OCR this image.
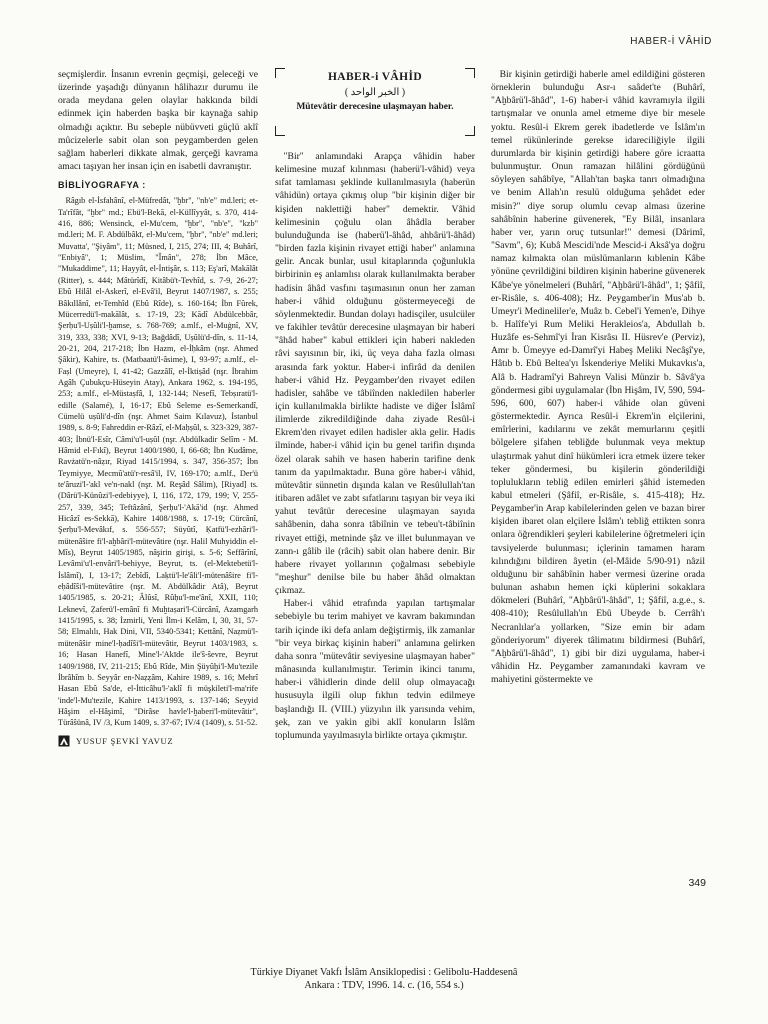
HABER-İ VÂHİD

seçmişlerdir. İnsanın evrenin geçmişi, geleceği ve üzerinde yaşadığı dünyanın hâlihazır durumu ile orada meydana gelen olaylar hakkında bildi edinmek için haberden başka bir kaynağa sahip olmadığı açıktır. Bu sebeple nübüvveti güçlü aklî mûcizelerle sabit olan son peygamberden gelen sağlam haberleri dikkate almak, gerçeği kavrama amacı taşıyan her insan için en isabetli davranıştır.

BİBLİYOGRAFYA :
Râgıb el-İsfahânî, el-Müfredât, "ḫbr", "nb'e" md.leri; et-Ta'rîfât, "ḫbr" md.; Ebü'l-Bekā, el-Küllîyyât, s. 370, 414-416, 886; Wensinck, el-Mu'cem, "ḫbr", "nb'e", "kzb" md.leri; M. F. Abdülbâkī, el-Mu'cem, "ḫbr", "nb'e" md.leri; Muvatta', "Şiyâm", 11; Müsned, I, 215, 274; III, 4; Buhârî, "Enbiyâ", 1; Müslim, "Îmân", 278; İbn Mâce, "Mukaddime", 11; Hayyât, el-İntişâr, s. 113; Eş'arî, Makālât (Ritter), s. 444; Mâtürîdî, Kitâbü't-Tevhîd, s. 7-9, 26-27; Ebû Hilâl el-Askerî, el-Evâ'il, Beyrut 1407/1987, s. 255; Bâkıllânî, et-Temhîd (Ebû Rîde), s. 160-164; İbn Fûrek, Mücerredü'l-makālât, s. 17-19, 23; Kādî Abdülcebbâr, Şerḥu'l-Uṣûli'l-ḫamse, s. 768-769; a.mlf., el-Muġnî, XV, 319, 333, 338; XVI, 9-13; Bağdâdî, Uṣûlü'd-dîn, s. 11-14, 20-21, 204, 217-218; İbn Hazm, el-İḥkâm (nşr. Ahmed Şâkir), Kahire, ts. (Matbaatü'l-âsime), I, 93-97; a.mlf., el-Faṣl (Umeyre), I, 41-42; Gazzâlî, el-İktiṣâd (nşr. İbrahim Agâh Çubukçu-Hüseyin Atay), Ankara 1962, s. 194-195, 253; a.mlf., el-Müstaṣfâ, I, 132-144; Nesefî, Tebṣıratü'l-edille (Salamé), I, 16-17; Ebû Seleme es-Semerkandî, Cümelü uṣûli'd-dîn (nşr. Ahmet Saim Kılavuz), İstanbul 1989, s. 8-9; Fahreddin er-Râzî, el-Maḥṣûl, s. 323-329, 387-403; İbnü'l-Esîr, Câmi'u'l-uṣûl (nşr. Abdülkadir Selîm - M. Hâmid el-Fıkî), Beyrut 1400/1980, I, 66-68; İbn Kudâme, Ravżatü'n-nâẓır, Riyad 1415/1994, s. 347, 356-357; İbn Teymiyye, Mecmû'atü'r-resâ'il, IV, 169-170; a.mlf., Der'ü te'âruzi'l-'akl ve'n-nakl (nşr. M. Reşâd Sâlim), [Riyad] ts. (Dârü'l-Künûzi'l-edebiyye), I, 116, 172, 179, 199; V, 255-257, 339, 345; Teftâzânî, Şerḥu'l-'Akā'id (nşr. Ahmed Hicâzî es-Sekkā), Kahire 1408/1988, s. 17-19; Cürcânî, Şerḥu'l-Mevâkıf, s. 556-557; Süyûtî, Ḳatfü'l-ezhâri'l-mütenâŝire fi'l-aḫbâri'l-mütevâtire (nşr. Halil Muhyiddin el-Mîs), Beyrut 1405/1985, nâşirin girişi, s. 5-6; Seffârînî, Levâmi'u'l-envâri'l-behiyye, Beyrut, ts. (el-Mektebetü'l-İslâmî), I, 13-17; Zebîdî, Laḳtü'l-le'âli'l-mütenâŝire fi'l-eḥâdîŝi'l-mütevâtire (nşr. M. Abdülkâdir Atâ), Beyrut 1405/1985, s. 20-21; Âlûsî, Rûḥu'l-me'ânî, XXII, 110; Leknevî, Ẓaferü'l-emânî fi Muḫtaṣari'l-Cürcânî, Azamgarh 1415/1995, s. 38; İzmirli, Yeni İlm-i Kelâm, I, 30, 31, 57-58; Elmalılı, Hak Dini, VII, 5340-5341; Kettânî, Naẓmü'l-mütenâŝir mine'l-ḥadîŝi'l-mütevâtir, Beyrut 1403/1983, s. 16; Hasan Hanefî, Mine'l-'Akīde ile'ŝ-ŝevre, Beyrut 1409/1988, IV, 211-215; Ebû Rîde, Min Şüyûḫi'l-Mu'tezile İbrâhîm b. Seyyâr en-Naẓẓâm, Kahire 1989, s. 16; Mehrî Hasan Ebû Sa'de, el-İtticâhu'l-'aklî fi müşkileti'l-ma'rife 'inde'l-Mu'tezile, Kahire 1413/1993, s. 137-146; Seyyid Hâşim el-Hâşimî, "Dirâse havle'l-ḫaberi'l-mütevâtir", Türâŝünâ, IV /3, Kum 1409, s. 37-67; IV/4 (1409), s. 51-52.
YUSUF ŞEVKİ YAVUZ
HABER-i VÂHİD
( الخبر الواحد )
Mütevâtir derecesine ulaşmayan haber.

"Bir" anlamındaki Arapça vâhidin haber kelimesine muzaf kılınması (haberü'l-vâhid) veya sıfat tamlaması şeklinde kullanılmasıyla (haberün vâhidün) ortaya çıkmış olup "bir kişinin diğer bir kişiden naklettiği haber" demektir. Vâhid kelimesinin çoğulu olan âhâdla beraber bulunduğunda ise (haberü'l-âhâd, ahbârü'l-âhâd) "birden fazla kişinin rivayet ettiği haber" anlamına gelir. Ancak bunlar, usul kitaplarında çoğunlukla birbirinin eş anlamlısı olarak kullanılmakta beraber hadisin âhâd vasfını taşımasının onun her zaman haber-i vâhid olduğunu göstermeyeceği de söylenmektedir. Bundan dolayı hadisçiler, usulcüler ve fakihler tevâtür derecesine ulaşmayan bir haberi "âhâd haber" kabul ettikleri için haberi nakleden râvi sayısının bir, iki, üç veya daha fazla olması arasında fark yoktur. Haber-i infirâd da denilen haber-i vâhid Hz. Peygamber'den rivayet edilen hadisler, sahâbe ve tâbiînden nakledilen haberler için kullanılmakla birlikte hadiste ve diğer İslâmî ilimlerde zikredildiğinde daha ziyade Resûl-i Ekrem'den rivayet edilen hadisler akla gelir. Hadis ilminde, haber-i vâhid için bu genel tarifin dışında özel olarak sahih ve hasen haberin tarifine denk tanım da yapılmaktadır. Buna göre haber-i vâhid, mütevâtir sünnetin dışında kalan ve Resûlullah'tan itibaren adâlet ve zabt sıfatlarını taşıyan bir veya iki yahut tevâtür derecesine ulaşmayan sayıda sahâbenin, daha sonra tâbiînin ve tebeu't-tâbiînin rivayet ettiği, metninde şâz ve illet bulunmayan ve zann-ı gâlib ile (râcih) sabit olan habere denir. Bir habere rivayet yollarının çoğalması sebebiyle "meşhur" denilse bile bu haber âhâd olmaktan çıkmaz.

Haber-i vâhid etrafında yapılan tartışmalar sebebiyle bu terim mahiyet ve kavram bakımından tarih içinde iki defa anlam değiştirmiş, ilk zamanlar "bir veya birkaç kişinin haberi" anlamına gelirken daha sonra "mütevâtir seviyesine ulaşmayan haber" mânasında kullanılmıştır. Terimin ikinci tanımı, haber-i vâhidlerin dinde delil olup olmayacağı hususuyla ilgili olup fıkhın tedvin edilmeye başlandığı II. (VIII.) yüzyılın ilk yarısında vehim, şek, zan ve yakin gibi aklî konuların İslâm toplumunda yayılmasıyla birlikte ortaya çıkmıştır.

Bir kişinin getirdiği haberle amel edildiğini gösteren örneklerin bulunduğu Asr-ı saâdet'te (Buhârî, "Aḫbârü'l-âhâd", 1-6) haber-i vâhid kavramıyla ilgili tartışmalar ve onunla amel etmeme diye bir mesele yoktu. Resûl-i Ekrem gerek ibadetlerde ve İslâm'ın temel rükünlerinde gerekse idareciliğiyle ilgili durumlarda bir kişinin getirdiği habere göre icraatta bulunmuştur. Onun ramazan hilâlini gördüğünü söyleyen sahâbîye, "Allah'tan başka tanrı olmadığına ve benim Allah'ın resulü olduğuma şehâdet eder misin?" diye sorup olumlu cevap alması üzerine sahâbînin haberine güvenerek, "Ey Bilâl, insanlara haber ver, yarın oruç tutsunlar!" demesi (Dârimî, "Savm", 6); Kubâ Mescidi'nde Mescid-i Aksâ'ya doğru namaz kılmakta olan müslümanların kıblenin Kâbe yönüne çevrildiğini bildiren kişinin haberine güvenerek Kâbe'ye yönelmeleri (Buhârî, "Aḫbârü'l-âhâd", 1; Şâfiî, er-Risâle, s. 406-408); Hz. Peygamber'in Mus'ab b. Umeyr'i Medineliler'e, Muâz b. Cebel'i Yemen'e, Dihye b. Halîfe'yi Rum Meliki Herakleios'a, Abdullah b. Huzâfe es-Sehmî'yi İran Kisrâsı II. Hüsrev'e (Perviz), Amr b. Ümeyye ed-Damrî'yi Habeş Meliki Necâşî'ye, Hâtıb b. Ebû Beltea'yı İskenderiye Meliki Mukavkıs'a, Alâ b. Hadramî'yi Bahreyn Valisi Münzir b. Sâvâ'ya göndermesi gibi uygulamalar (İbn Hişâm, IV, 590, 594-596, 600, 607) haber-i vâhide olan güveni göstermektedir. Ayrıca Resûl-i Ekrem'in elçilerini, emîrlerini, kadılarını ve zekât memurlarını çeşitli bölgelere şifahen tebliğde bulunmak veya mektup ulaştırmak yahut dinî hükümleri icra etmek üzere teker teker göndermesi, bu kişilerin gönderildiği toplulukların tebliğ edilen emirleri şâhid istemeden kabul etmeleri (Şâfiî, er-Risâle, s. 415-418); Hz. Peygamber'in Arap kabilelerinden gelen ve bazan birer kişiden ibaret olan elçilere İslâm'ı tebliğ ettikten sonra onlara öğrendikleri şeyleri kabilelerine öğretmeleri için tavsiyelerde bulunması; içlerinin tamamen haram kılındığını bildiren âyetin (el-Mâide 5/90-91) nâzil olduğunu bir sahâbînin haber vermesi üzerine orada bulunan ashabın hemen içki küplerini sokaklara dökmeleri (Buhârî, "Aḫbârü'l-âhâd", 1; Şâfiî, a.g.e., s. 408-410); Resûlullah'ın Ebû Ubeyde b. Cerrâh'ı Necranlılar'a yollarken, "Size emin bir adam gönderiyorum" diyerek tâlimatını bildirmesi (Buhârî, "Aḫbârü'l-âhâd", 1) gibi bir dizi uygulama, haber-i vâhidin Hz. Peygamber zamanındaki kavram ve mahiyetini göstermekte ve

349
Türkiye Diyanet Vakfı İslâm Ansiklopedisi : Gelibolu-Haddesenâ
Ankara : TDV, 1996. 14. c. (16, 554 s.)
